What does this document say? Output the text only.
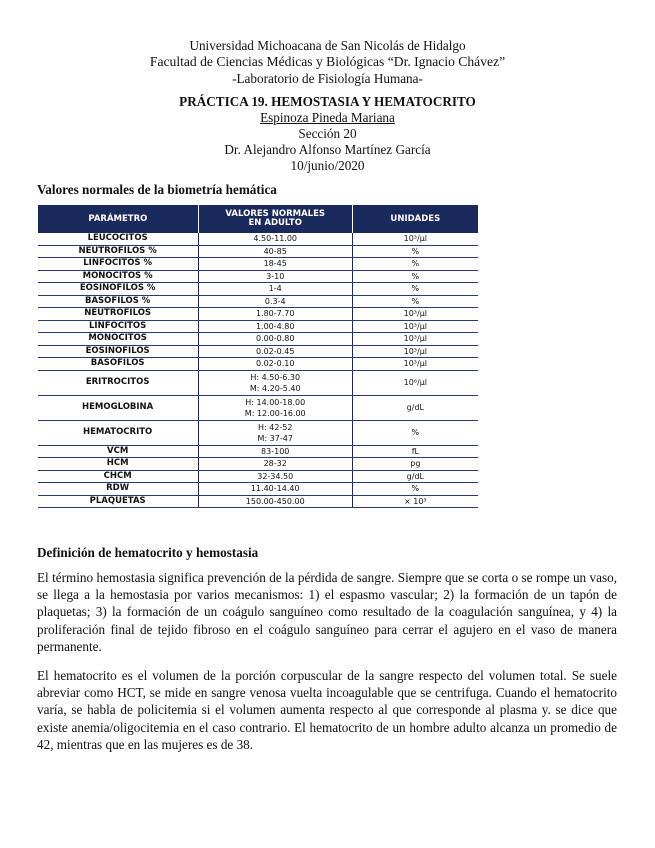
Universidad Michoacana de San Nicolás de Hidalgo
Facultad de Ciencias Médicas y Biológicas “Dr. Ignacio Chávez”
-Laboratorio de Fisiología Humana-
PRÁCTICA 19. HEMOSTASIA Y HEMATOCRITO
Espinoza Pineda Mariana
Sección 20
Dr. Alejandro Alfonso Martínez García
10/junio/2020
Valores normales de la biometría hemática
PARÁMETRO	VALORES NORMALES EN ADULTO	UNIDADES
LEUCOCITOS	4.50-11.00	10³/µl
NEUTROFILOS %	40-85	%
LINFOCITOS %	18-45	%
MONOCITOS %	3-10	%
EOSINOFILOS %	1-4	%
BASOFILOS %	0.3-4	%
NEUTROFILOS	1.80-7.70	10³/µl
LINFOCITOS	1.00-4.80	10³/µl
MONOCITOS	0.00-0.80	10³/µl
EOSINOFILOS	0.02-0.45	10³/µl
BASOFILOS	0.02-0.10	10³/µl
ERITROCITOS	H: 4.50-6.30
M: 4.20-5.40	10⁶/µl
HEMOGLOBINA	H: 14.00-18.00
M: 12.00-16.00	g/dL
HEMATOCRITO	H: 42-52
M: 37-47	%
VCM	83-100	fL
HCM	28-32	pg
CHCM	32-34.50	g/dL
RDW	11.40-14.40	%
PLAQUETAS	150.00-450.00	× 10³
Definición de hematocrito y hemostasia

El término hemostasia significa prevención de la pérdida de sangre. Siempre que se corta o se rompe un vaso, se llega a la hemostasia por varios mecanismos: 1) el espasmo vascular; 2) la formación de un tapón de plaquetas; 3) la formación de un coágulo sanguíneo como resultado de la coagulación sanguínea, y 4) la proliferación final de tejido fibroso en el coágulo sanguíneo para cerrar el agujero en el vaso de manera permanente.

El hematocrito es el volumen de la porción corpuscular de la sangre respecto del volumen total. Se suele abreviar como HCT, se mide en sangre venosa vuelta incoagulable que se centrifuga. Cuando el hematocrito varía, se habla de policitemia si el volumen aumenta respecto al que corresponde al plasma y. se dice que existe anemia/oligocitemia en el caso contrario. El hematocrito de un hombre adulto alcanza un promedio de 42, mientras que en las mujeres es de 38.
